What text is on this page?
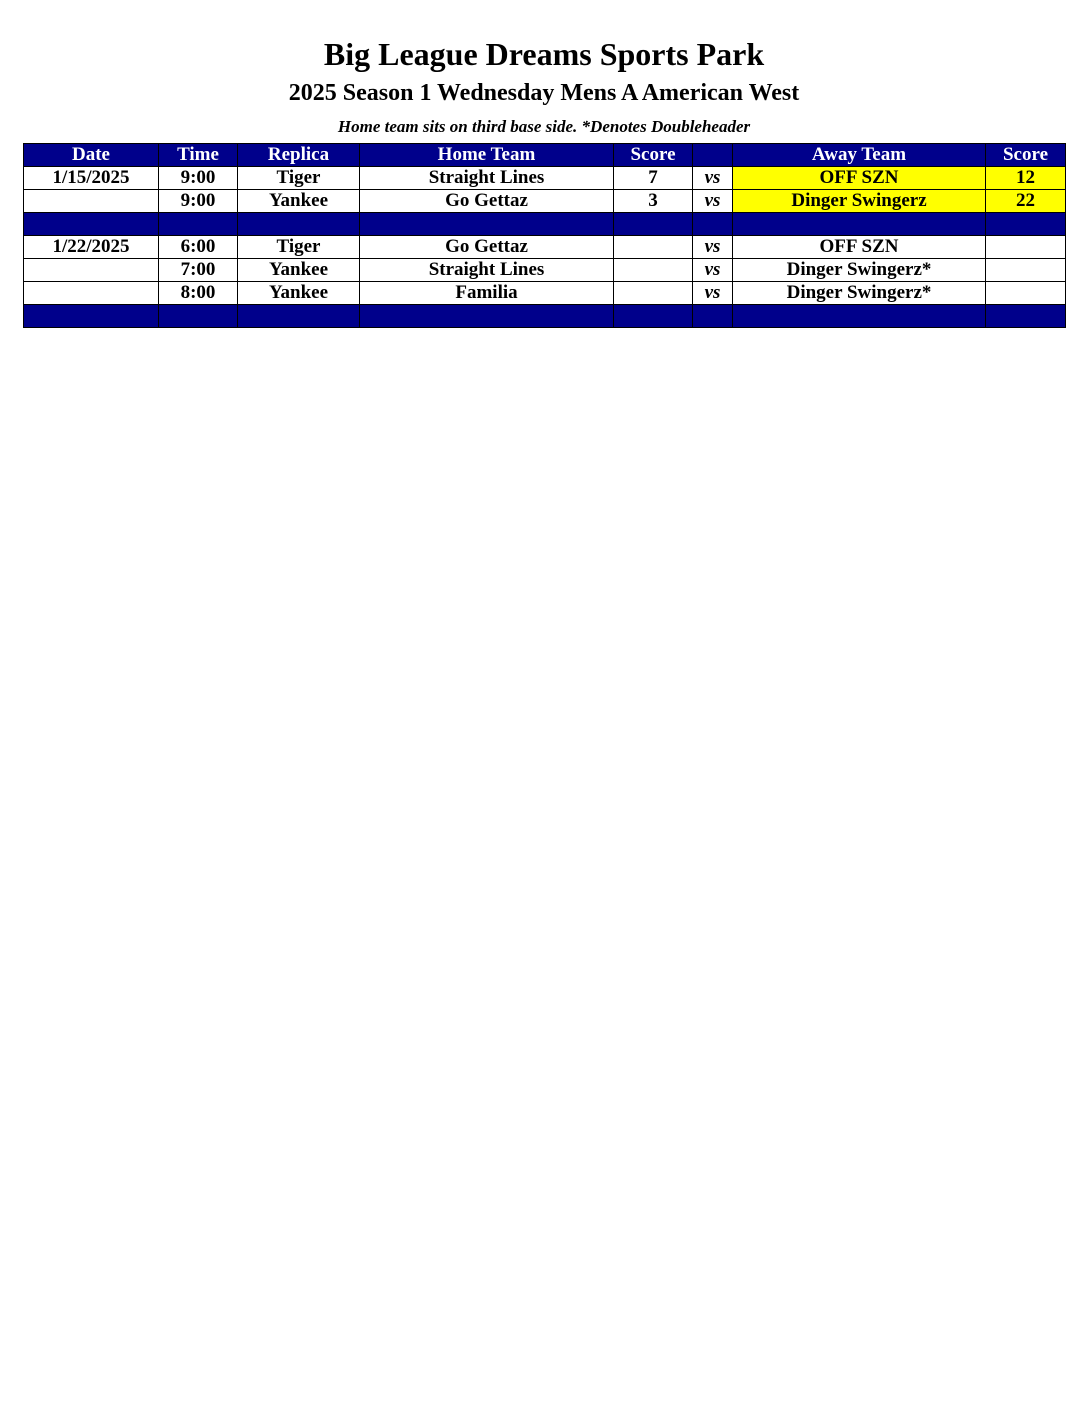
Big League Dreams Sports Park
2025 Season 1 Wednesday Mens A American West
Home team sits on third base side. *Denotes Doubleheader
Date	Time	Replica	Home Team	Score		Away Team	Score
1/15/2025	9:00	Tiger	Straight Lines	7	vs	OFF SZN	12
	9:00	Yankee	Go Gettaz	3	vs	Dinger Swingerz	22

1/22/2025	6:00	Tiger	Go Gettaz		vs	OFF SZN	
	7:00	Yankee	Straight Lines		vs	Dinger Swingerz*	
	8:00	Yankee	Familia		vs	Dinger Swingerz*	
